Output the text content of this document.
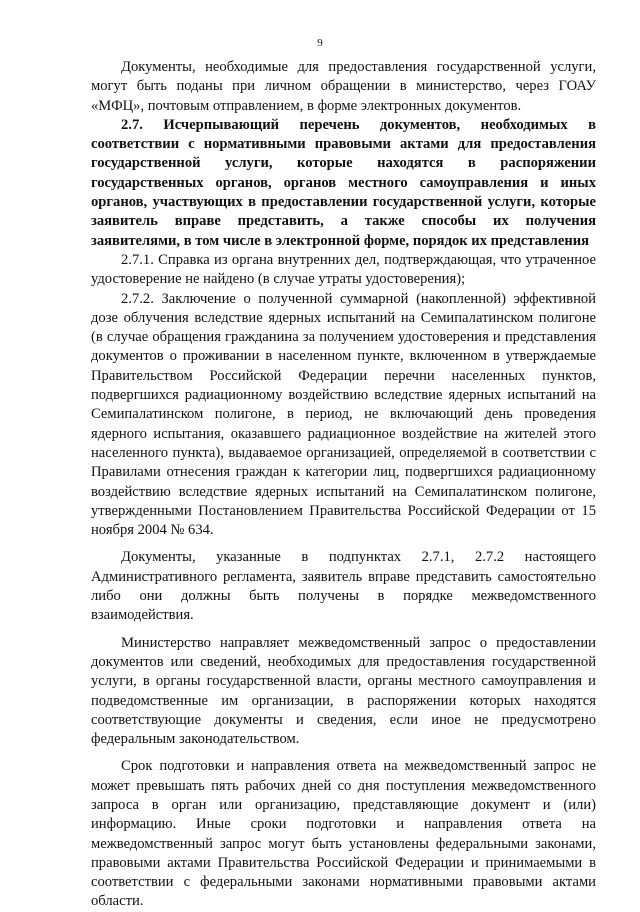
9

Документы, необходимые для предоставления государственной услуги, могут быть поданы при личном обращении в министерство, через ГОАУ «МФЦ», почтовым отправлением, в форме электронных документов.

2.7. Исчерпывающий перечень документов, необходимых в соответствии с нормативными правовыми актами для предоставления государственной услуги, которые находятся в распоряжении государственных органов, органов местного самоуправления и иных органов, участвующих в предоставлении государственной услуги, которые заявитель вправе представить, а также способы их получения заявителями, в том числе в электронной форме, порядок их представления

2.7.1. Справка из органа внутренних дел, подтверждающая, что утраченное удостоверение не найдено (в случае утраты удостоверения);

2.7.2. Заключение о полученной суммарной (накопленной) эффективной дозе облучения вследствие ядерных испытаний на Семипалатинском полигоне (в случае обращения гражданина за получением удостоверения и представления документов о проживании в населенном пункте, включенном в утверждаемые Правительством Российской Федерации перечни населенных пунктов, подвергшихся радиационному воздействию вследствие ядерных испытаний на Семипалатинском полигоне, в период, не включающий день проведения ядерного испытания, оказавшего радиационное воздействие на жителей этого населенного пункта), выдаваемое организацией, определяемой в соответствии с Правилами отнесения граждан к категории лиц, подвергшихся радиационному воздействию вследствие ядерных испытаний на Семипалатинском полигоне, утвержденными Постановлением Правительства Российской Федерации от 15 ноября 2004 № 634.

Документы, указанные в подпунктах 2.7.1, 2.7.2 настоящего Административного регламента, заявитель вправе представить самостоятельно либо они должны быть получены в порядке межведомственного взаимодействия.

Министерство направляет межведомственный запрос о предоставлении документов или сведений, необходимых для предоставления государственной услуги, в органы государственной власти, органы местного самоуправления и подведомственные им организации, в распоряжении которых находятся соответствующие документы и сведения, если иное не предусмотрено федеральным законодательством.

Срок подготовки и направления ответа на межведомственный запрос не может превышать пять рабочих дней со дня поступления межведомственного запроса в орган или организацию, представляющие документ и (или) информацию. Иные сроки подготовки и направления ответа на межведомственный запрос могут быть установлены федеральными законами, правовыми актами Правительства Российской Федерации и принимаемыми в соответствии с федеральными законами нормативными правовыми актами области.
